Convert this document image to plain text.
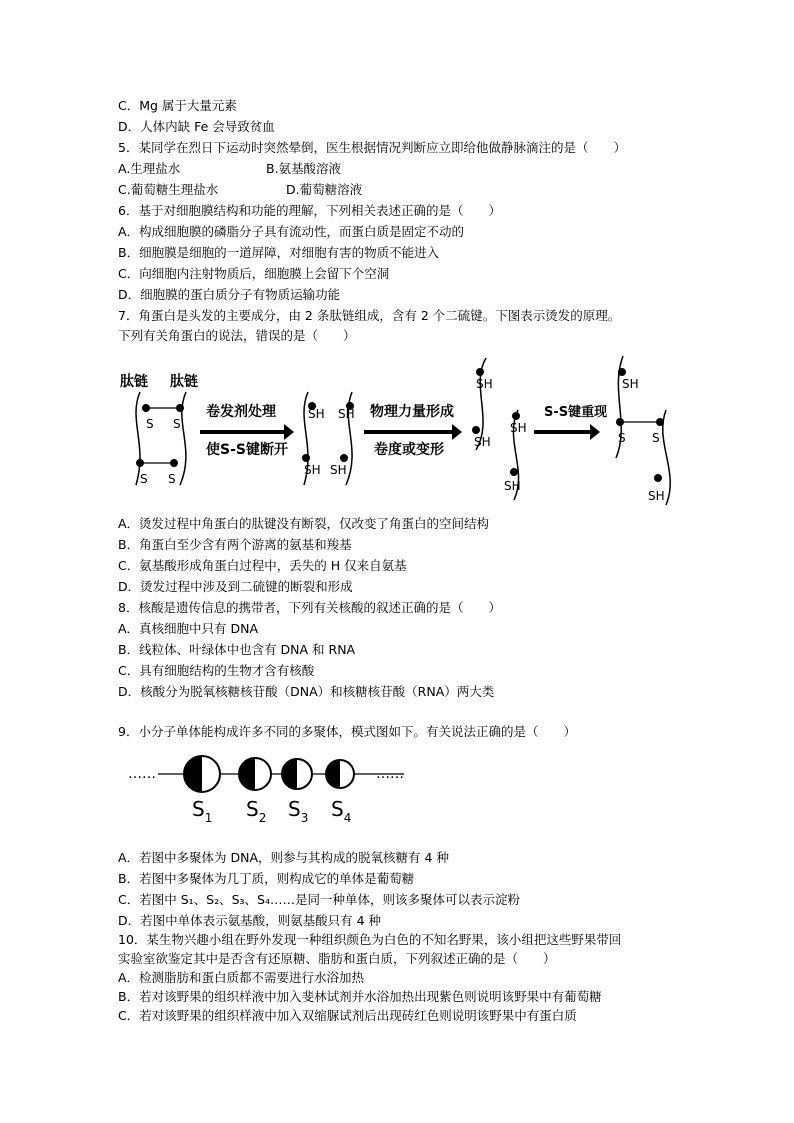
C．Mg 属于大量元素
D．人体内缺 Fe 会导致贫血
5．某同学在烈日下运动时突然晕倒，医生根据情况判断应立即给他做静脉滴注的是（　　）
A.生理盐水	B.氨基酸溶液
C.葡萄糖生理盐水	D.葡萄糖溶液
6．基于对细胞膜结构和功能的理解，下列相关表述正确的是（　　）
A．构成细胞膜的磷脂分子具有流动性，而蛋白质是固定不动的
B．细胞膜是细胞的一道屏障，对细胞有害的物质不能进入
C．向细胞内注射物质后，细胞膜上会留下个空洞
D．细胞膜的蛋白质分子有物质运输功能
7．角蛋白是头发的主要成分，由 2 条肽链组成，含有 2 个二硫键。下图表示烫发的原理。
下列有关角蛋白的说法，错误的是（　　）
肽链 肽链
S S
S S
卷发剂处理
使S-S键断开
SH SH
SH SH
物理力量形成
卷度或变形
SH
SH
SH
SH
S-S键重现
SH
S S
SH
A．烫发过程中角蛋白的肽键没有断裂，仅改变了角蛋白的空间结构
B．角蛋白至少含有两个游离的氨基和羧基
C．氨基酸形成角蛋白过程中，丢失的 H 仅来自氨基
D．烫发过程中涉及到二硫键的断裂和形成
8．核酸是遗传信息的携带者，下列有关核酸的叙述正确的是（　　）
A．真核细胞中只有 DNA
B．线粒体、叶绿体中也含有 DNA 和 RNA
C．具有细胞结构的生物才含有核酸
D．核酸分为脱氧核糖核苷酸（DNA）和核糖核苷酸（RNA）两大类
9．小分子单体能构成许多不同的多聚体，模式图如下。有关说法正确的是（　　）
……	……
$S_1$ $S_2$ $S_3$ $S_4$
A．若图中多聚体为 DNA，则参与其构成的脱氧核糖有 4 种
B．若图中多聚体为几丁质，则构成它的单体是葡萄糖
C．若图中 S₁、S₂、S₃、S₄……是同一种单体，则该多聚体可以表示淀粉
D．若图中单体表示氨基酸，则氨基酸只有 4 种
10．某生物兴趣小组在野外发现一种组织颜色为白色的不知名野果，该小组把这些野果带回
实验室欲鉴定其中是否含有还原糖、脂肪和蛋白质，下列叙述正确的是（　　）
A．检测脂肪和蛋白质都不需要进行水浴加热
B．若对该野果的组织样液中加入斐林试剂并水浴加热出现紫色则说明该野果中有葡萄糖
C．若对该野果的组织样液中加入双缩脲试剂后出现砖红色则说明该野果中有蛋白质
